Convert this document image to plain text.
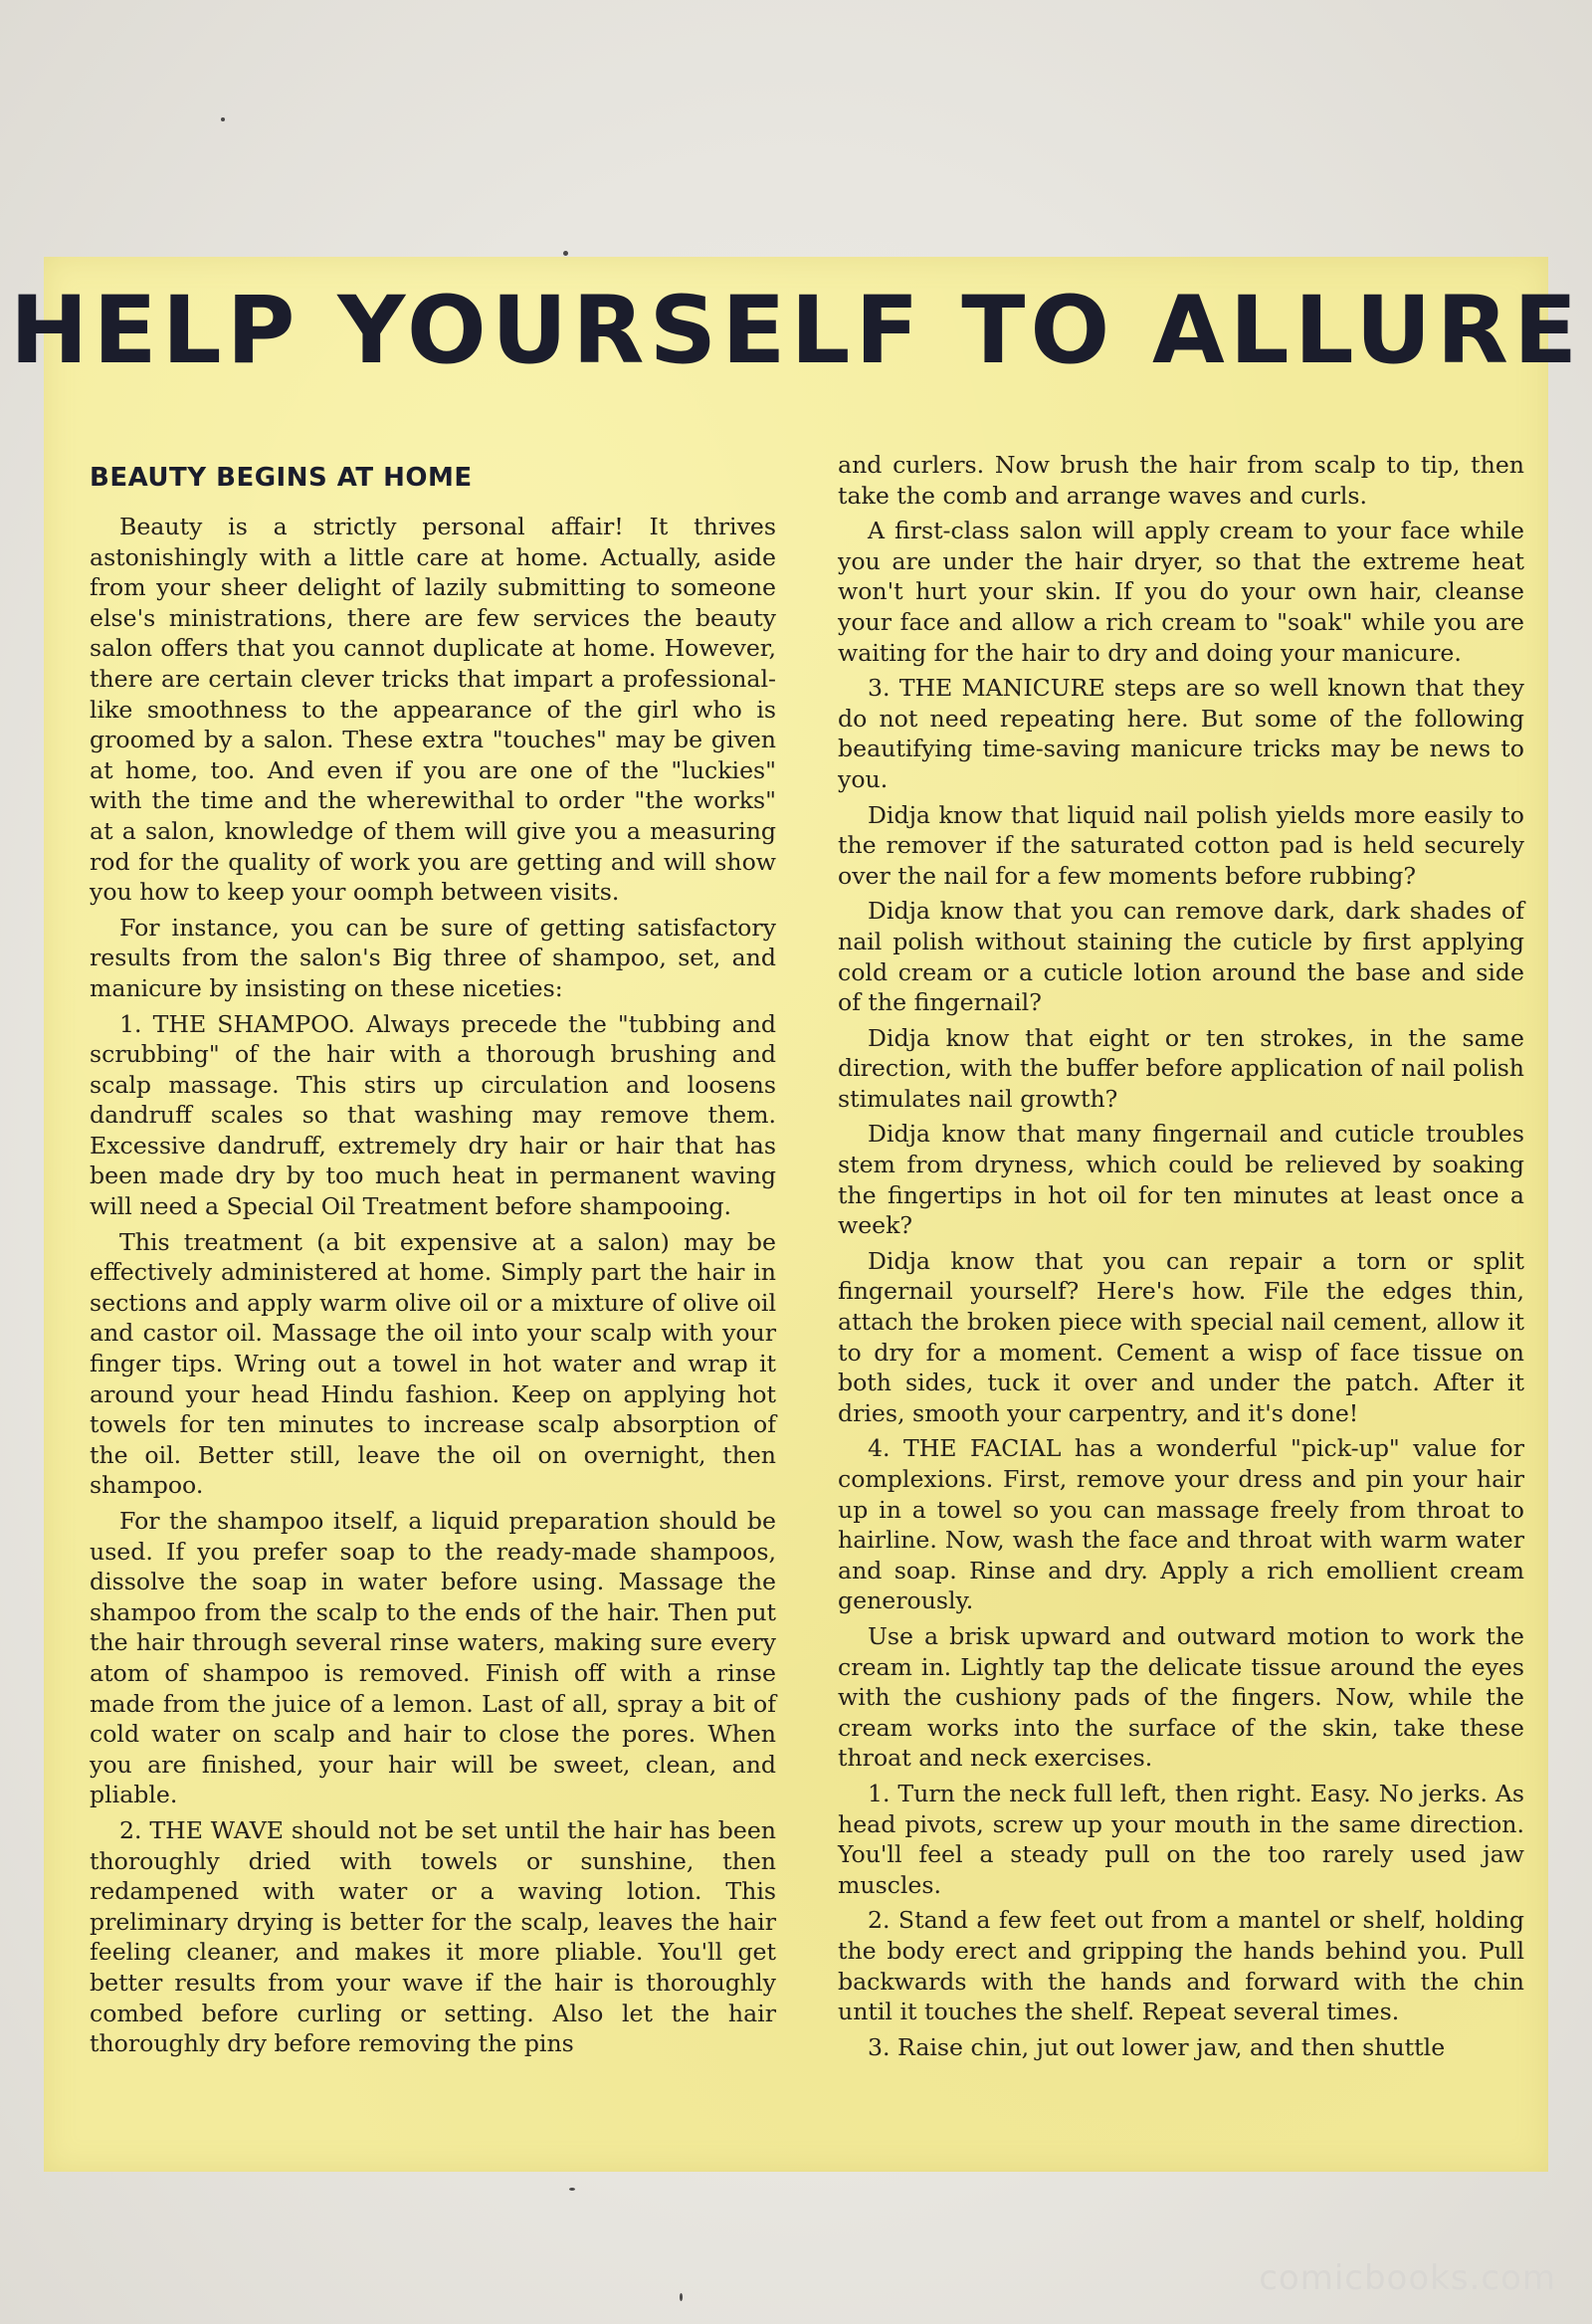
HELP YOURSELF TO ALLURE
BEAUTY BEGINS AT HOME

Beauty is a strictly personal affair! It thrives astonishingly with a little care at home. Actually, aside from your sheer delight of lazily submitting to someone else's ministrations, there are few services the beauty salon offers that you cannot duplicate at home. However, there are certain clever tricks that impart a professional-like smoothness to the appearance of the girl who is groomed by a salon. These extra "touches" may be given at home, too. And even if you are one of the "luckies" with the time and the wherewithal to order "the works" at a salon, knowledge of them will give you a measuring rod for the quality of work you are getting and will show you how to keep your oomph between visits.

For instance, you can be sure of getting satisfactory results from the salon's Big three of shampoo, set, and manicure by insisting on these niceties:

1. THE SHAMPOO. Always precede the "tubbing and scrubbing" of the hair with a thorough brushing and scalp massage. This stirs up circulation and loosens dandruff scales so that washing may remove them. Excessive dandruff, extremely dry hair or hair that has been made dry by too much heat in permanent waving will need a Special Oil Treatment before shampooing.

This treatment (a bit expensive at a salon) may be effectively administered at home. Simply part the hair in sections and apply warm olive oil or a mixture of olive oil and castor oil. Massage the oil into your scalp with your finger tips. Wring out a towel in hot water and wrap it around your head Hindu fashion. Keep on applying hot towels for ten minutes to increase scalp absorption of the oil. Better still, leave the oil on overnight, then shampoo.

For the shampoo itself, a liquid preparation should be used. If you prefer soap to the ready-made shampoos, dissolve the soap in water before using. Massage the shampoo from the scalp to the ends of the hair. Then put the hair through several rinse waters, making sure every atom of shampoo is removed. Finish off with a rinse made from the juice of a lemon. Last of all, spray a bit of cold water on scalp and hair to close the pores. When you are finished, your hair will be sweet, clean, and pliable.

2. THE WAVE should not be set until the hair has been thoroughly dried with towels or sunshine, then redampened with water or a waving lotion. This preliminary drying is better for the scalp, leaves the hair feeling cleaner, and makes it more pliable. You'll get better results from your wave if the hair is thoroughly combed before curling or setting. Also let the hair thoroughly dry before removing the pins

and curlers. Now brush the hair from scalp to tip, then take the comb and arrange waves and curls.

A first-class salon will apply cream to your face while you are under the hair dryer, so that the extreme heat won't hurt your skin. If you do your own hair, cleanse your face and allow a rich cream to "soak" while you are waiting for the hair to dry and doing your manicure.

3. THE MANICURE steps are so well known that they do not need repeating here. But some of the following beautifying time-saving manicure tricks may be news to you.

Didja know that liquid nail polish yields more easily to the remover if the saturated cotton pad is held securely over the nail for a few moments before rubbing?

Didja know that you can remove dark, dark shades of nail polish without staining the cuticle by first applying cold cream or a cuticle lotion around the base and side of the fingernail?

Didja know that eight or ten strokes, in the same direction, with the buffer before application of nail polish stimulates nail growth?

Didja know that many fingernail and cuticle troubles stem from dryness, which could be relieved by soaking the fingertips in hot oil for ten minutes at least once a week?

Didja know that you can repair a torn or split fingernail yourself? Here's how. File the edges thin, attach the broken piece with special nail cement, allow it to dry for a moment. Cement a wisp of face tissue on both sides, tuck it over and under the patch. After it dries, smooth your carpentry, and it's done!

4. THE FACIAL has a wonderful "pick-up" value for complexions. First, remove your dress and pin your hair up in a towel so you can massage freely from throat to hairline. Now, wash the face and throat with warm water and soap. Rinse and dry. Apply a rich emollient cream generously.

Use a brisk upward and outward motion to work the cream in. Lightly tap the delicate tissue around the eyes with the cushiony pads of the fingers. Now, while the cream works into the surface of the skin, take these throat and neck exercises.

1. Turn the neck full left, then right. Easy. No jerks. As head pivots, screw up your mouth in the same direction. You'll feel a steady pull on the too rarely used jaw muscles.

2. Stand a few feet out from a mantel or shelf, holding the body erect and gripping the hands behind you. Pull backwards with the hands and forward with the chin until it touches the shelf. Repeat several times.

3. Raise chin, jut out lower jaw, and then shuttle

comicbooks.com
